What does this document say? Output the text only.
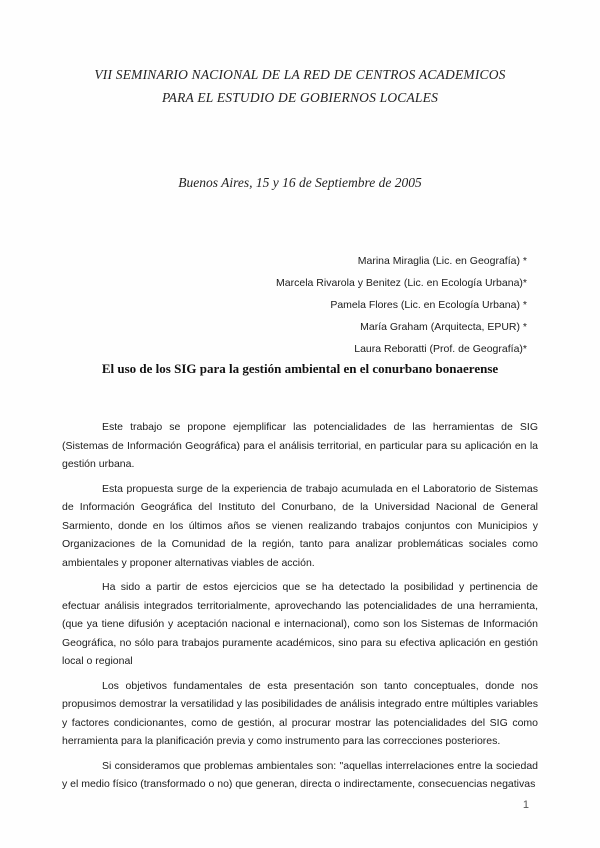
VII SEMINARIO NACIONAL DE LA RED DE CENTROS ACADEMICOS
PARA EL ESTUDIO DE GOBIERNOS LOCALES
Buenos Aires, 15 y 16 de Septiembre de 2005
Marina Miraglia (Lic. en Geografía) *
Marcela Rivarola y Benitez (Lic. en Ecología Urbana)*
Pamela Flores (Lic. en Ecología Urbana) *
María Graham (Arquitecta, EPUR) *
Laura Reboratti (Prof. de Geografía)*
El uso de los SIG para la gestión ambiental en el conurbano bonaerense

Este trabajo se propone ejemplificar las potencialidades de las herramientas de SIG (Sistemas de Información Geográfica) para el análisis territorial, en particular para su aplicación en la gestión urbana.

Esta propuesta surge de la experiencia de trabajo acumulada en el Laboratorio de Sistemas de Información Geográfica del Instituto del Conurbano, de la Universidad Nacional de General Sarmiento, donde en los últimos años se vienen realizando trabajos conjuntos con Municipios y Organizaciones de la Comunidad de la región, tanto para analizar problemáticas sociales como ambientales y proponer alternativas viables de acción.

Ha sido a partir de estos ejercicios que se ha detectado la posibilidad y pertinencia de efectuar análisis integrados territorialmente, aprovechando las potencialidades de una herramienta, (que ya tiene difusión y aceptación nacional e internacional), como son los Sistemas de Información Geográfica, no sólo para trabajos puramente académicos, sino para su efectiva aplicación en gestión local o regional

Los objetivos fundamentales de esta presentación son tanto conceptuales, donde nos propusimos demostrar la versatilidad y las posibilidades de análisis integrado entre múltiples variables y factores condicionantes, como de gestión, al procurar mostrar las potencialidades del SIG como herramienta para la planificación previa y como instrumento para las correcciones posteriores.

Si consideramos que problemas ambientales son: "aquellas interrelaciones entre la sociedad y el medio físico (transformado o no) que generan, directa o indirectamente, consecuencias negativas

1
